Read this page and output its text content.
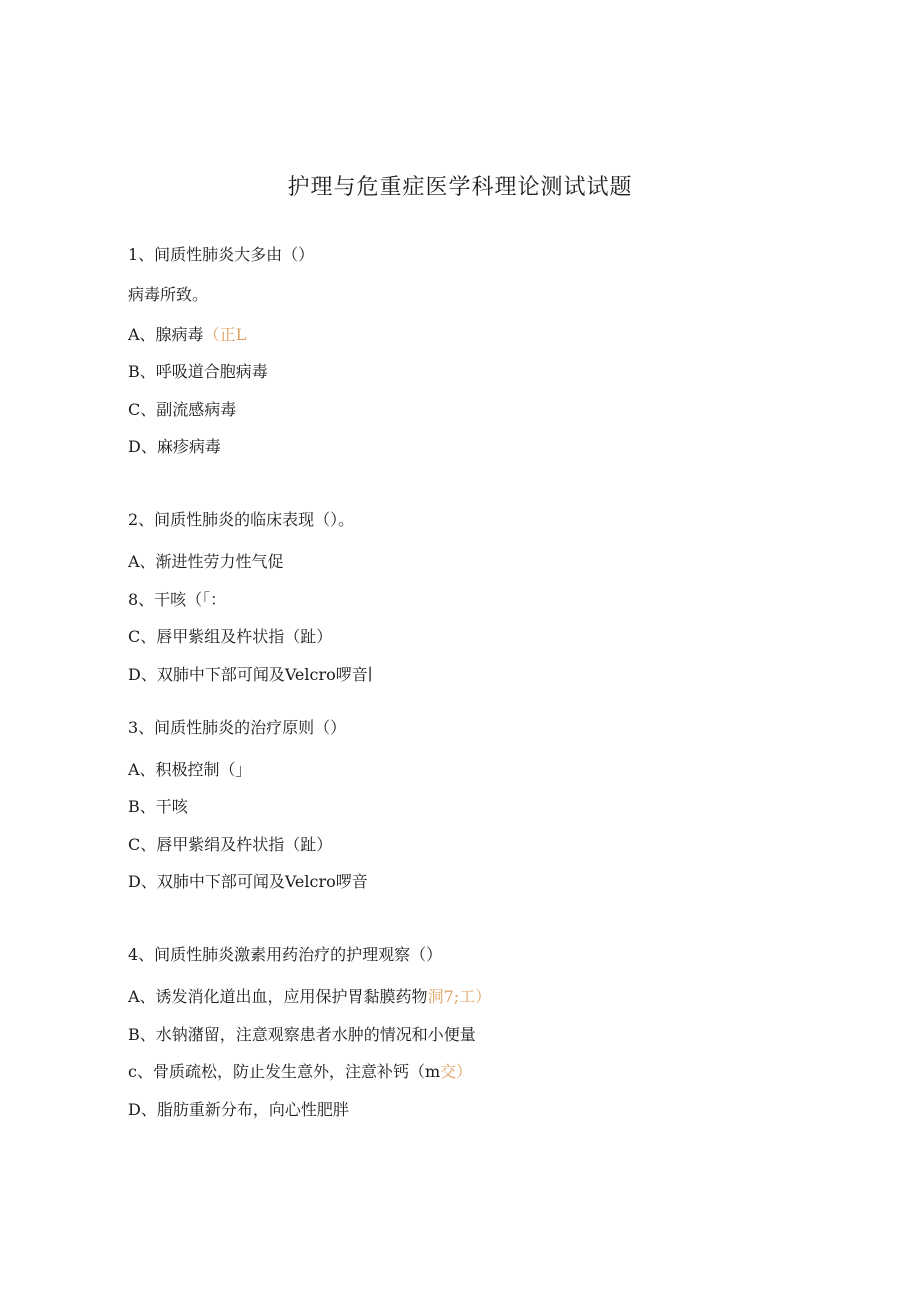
护理与危重症医学科理论测试试题
1、间质性肺炎大多由（）
病毒所致。
A、腺病毒（正L
B、呼吸道合胞病毒
C、副流感病毒
D、麻疹病毒
2、间质性肺炎的临床表现（）。
A、渐进性劳力性气促
8、干咳（「：
C、唇甲紫组及杵状指（趾）
D、双肺中下部可闻及Velcro啰音∣
3、间质性肺炎的治疗原则（）
A、积极控制（」
B、干咳
C、唇甲紫绢及杵状指（趾）
D、双肺中下部可闻及Velcro啰音
4、间质性肺炎激素用药治疗的护理观察（）
A、诱发消化道出血，应用保护胃黏膜药物洞7;工）
B、水钠潴留，注意观察患者水肿的情况和小便量
c、骨质疏松，防止发生意外，注意补钙（m交）
D、脂肪重新分布，向心性肥胖
